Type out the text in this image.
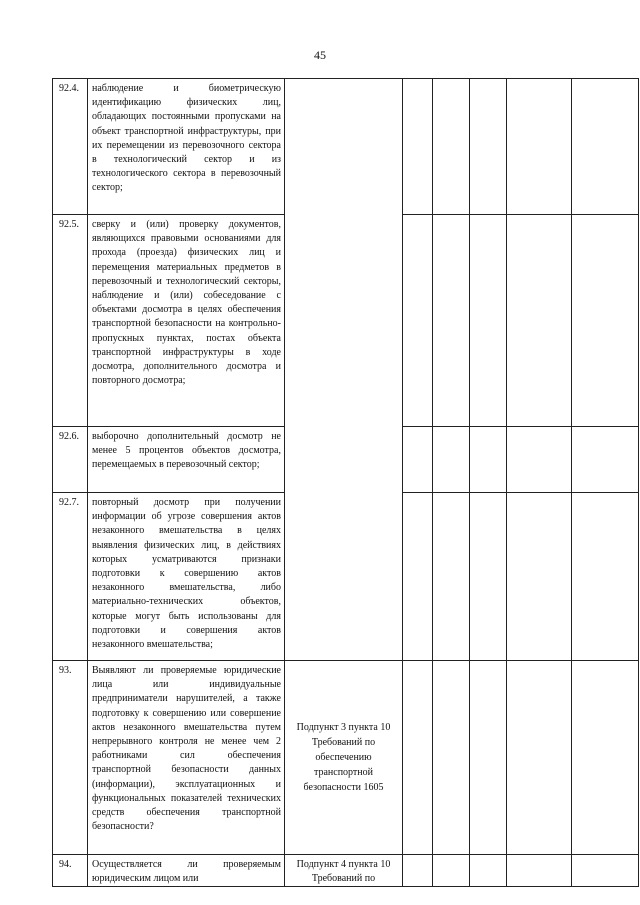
45
92.4.	наблюдение и биометрическую идентификацию физических лиц, обладающих постоянными пропусками на объект транспортной инфраструктуры, при их перемещении из перевозочного сектора в технологический сектор и из технологического сектора в перевозочный сектор;						
92.5.	сверку и (или) проверку документов, являющихся правовыми основаниями для прохода (проезда) физических лиц и перемещения материальных предметов в перевозочный и технологический секторы, наблюдение и (или) собеседование с объектами досмотра в целях обеспечения транспортной безопасности на контрольно-пропускных пунктах, постах объекта транспортной инфраструктуры в ходе досмотра, дополнительного досмотра и повторного досмотра;						
92.6.	выборочно дополнительный досмотр не менее 5 процентов объектов досмотра, перемещаемых в перевозочный сектор;						
92.7.	повторный досмотр при получении информации об угрозе совершения актов незаконного вмешательства в целях выявления физических лиц, в действиях которых усматриваются признаки подготовки к совершению актов незаконного вмешательства, либо материально-технических объектов, которые могут быть использованы для подготовки и совершения актов незаконного вмешательства;						
93.	Выявляют ли проверяемые юридические лица или индивидуальные предприниматели нарушителей, а также подготовку к совершению или совершение актов незаконного вмешательства путем непрерывного контроля не менее чем 2 работниками сил обеспечения транспортной безопасности данных (информации), эксплуатационных и функциональных показателей технических средств обеспечения транспортной безопасности?	Подпункт 3 пункта 10 Требований по обеспечению транспортной безопасности 1605					
94.	Осуществляется ли проверяемым юридическим лицом или	Подпункт 4 пункта 10 Требований по					
